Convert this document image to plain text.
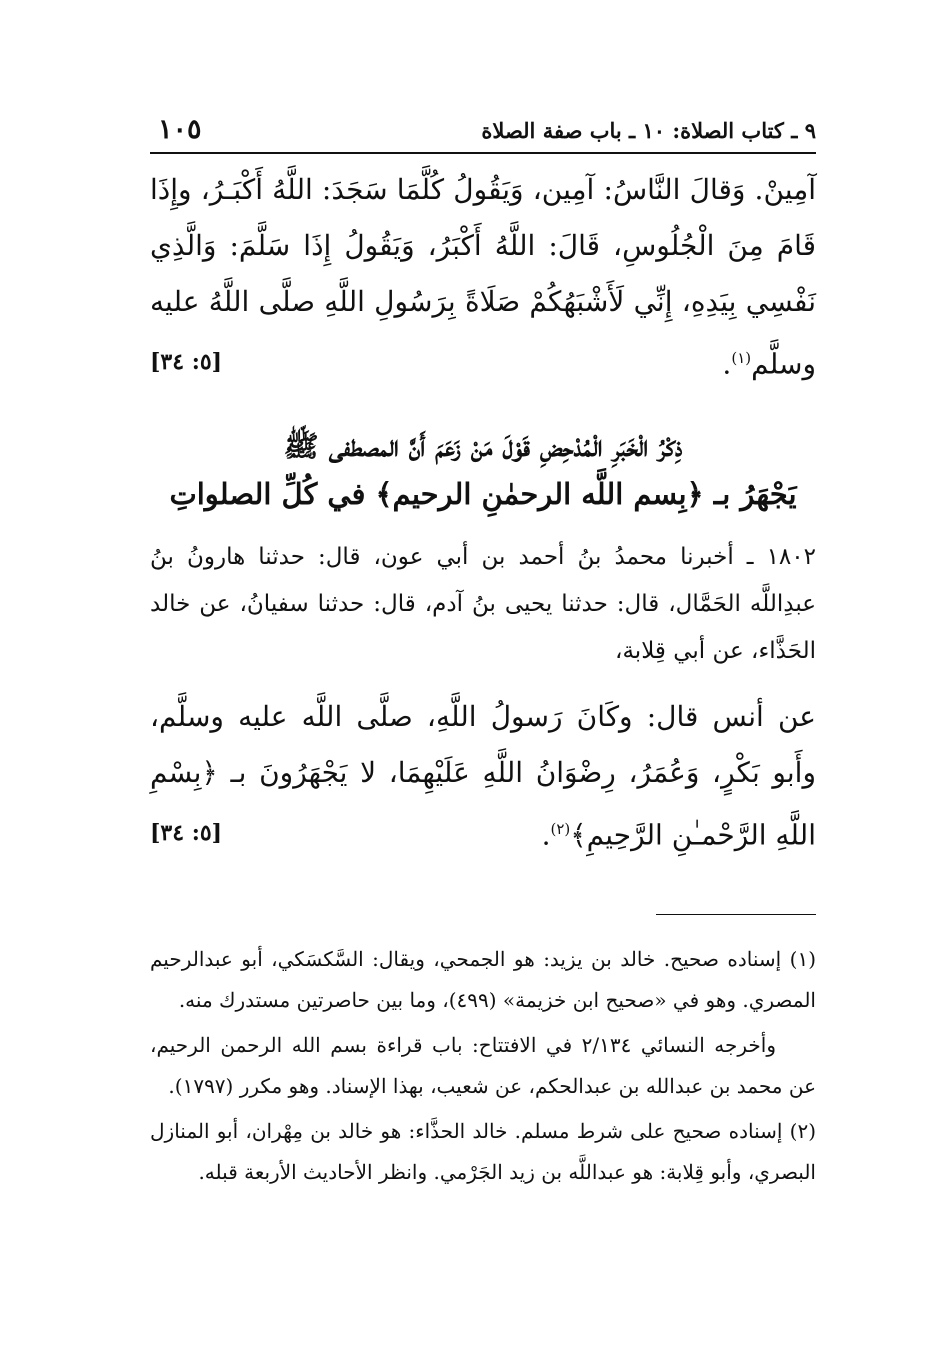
٩ ـ كتاب الصلاة: ١٠ ـ باب صفة الصلاة
١٠٥

آمِينْ. وَقالَ النَّاسُ: آمِين، وَيَقُولُ كُلَّمَا سَجَدَ: اللَّهُ أَكْبَـرُ، وإِذَا قَامَ مِنَ الْجُلُوسِ، قَالَ: اللَّهُ أَكْبَرُ، وَيَقُولُ إِذَا سَلَّمَ: وَالَّذِي نَفْسِي بِيَدِهِ، إِنِّي لَأَشْبَهُكُمْ صَلَاةً بِرَسُولِ اللَّهِ صلَّى اللَّهُ عليه وسلَّم$^{(١)}$.
[٥: ٣٤]

ذِكْرُ الْخَبَرِ الْمُدْحِضِ قَوْلَ مَنْ زَعَمَ أَنَّ المصطفى ﷺ
يَجْهَرُ بـ ﴿بِسم اللَّه الرحمٰنِ الرحيم﴾ في كُلِّ الصلواتِ

١٨٠٢ ـ أخبرنا محمدُ بنُ أحمد بن أبي عون، قال: حدثنا هارونُ بنُ عبدِاللَّه الحَمَّال، قال: حدثنا يحيى بنُ آدم، قال: حدثنا سفيانُ، عن خالد الحَذَّاء، عن أبي قِلابة،

عن أنس قال: وكَانَ رَسولُ اللَّهِ، صلَّى اللَّه عليه وسلَّم، وأَبو بَكْرٍ، وَعُمَرُ، رِضْوَانُ اللَّهِ عَلَيْهِمَا، لا يَجْهَرُونَ بـ ﴿بِسْمِ اللَّهِ الرَّحْمـٰنِ الرَّحِيمِ﴾$^{(٢)}$.
[٥: ٣٤]

(١) إسناده صحيح. خالد بن يزيد: هو الجمحي، ويقال: السَّكسَكي، أبو عبدالرحيم المصري. وهو في «صحيح ابن خزيمة» (٤٩٩)، وما بين حاصرتين مستدرك منه.

وأخرجه النسائي ٢/١٣٤ في الافتتاح: باب قراءة بسم الله الرحمن الرحيم، عن محمد بن عبدالله بن عبدالحكم، عن شعيب، بهذا الإسناد. وهو مكرر (١٧٩٧).

(٢) إسناده صحيح على شرط مسلم. خالد الحذَّاء: هو خالد بن مِهْران، أبو المنازل البصري، وأبو قِلابة: هو عبداللَّه بن زيد الجَرْمي. وانظر الأحاديث الأربعة قبله.
